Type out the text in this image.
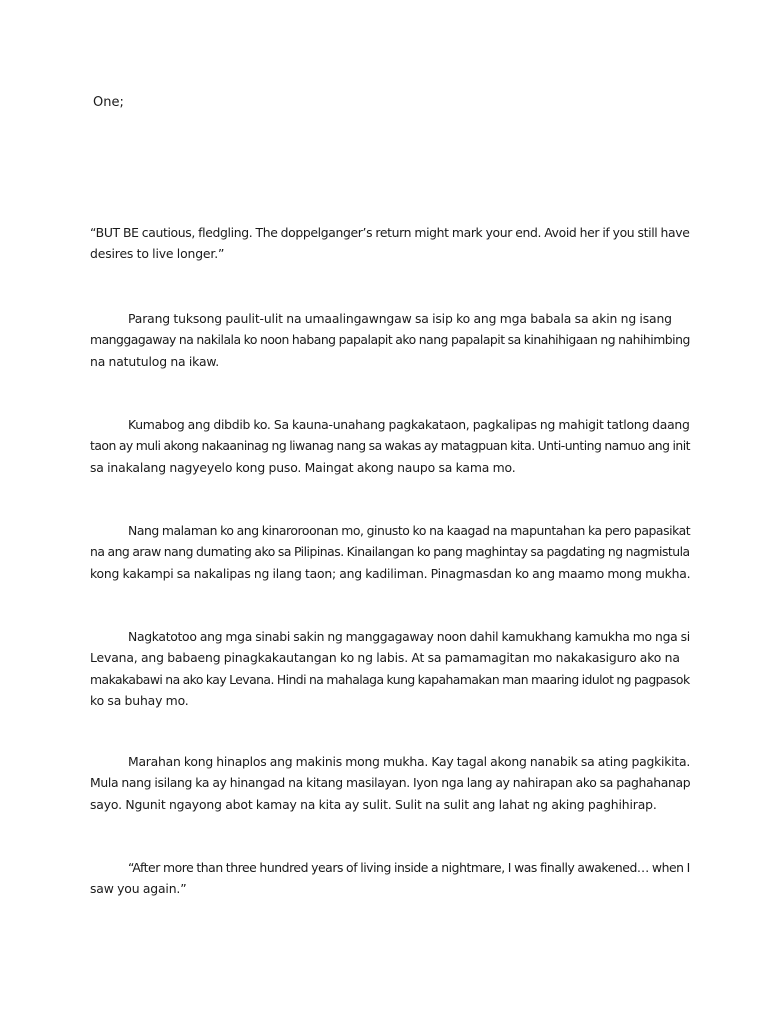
One;

“BUT BE cautious, fledgling. The doppelganger’s return might mark your end. Avoid her if you still have
desires to live longer.”

Parang tuksong paulit-ulit na umaalingawngaw sa isip ko ang mga babala sa akin ng isang
manggagaway na nakilala ko noon habang papalapit ako nang papalapit sa kinahihigaan ng nahihimbing
na natutulog na ikaw.

Kumabog ang dibdib ko. Sa kauna-unahang pagkakataon, pagkalipas ng mahigit tatlong daang
taon ay muli akong nakaaninag ng liwanag nang sa wakas ay matagpuan kita. Unti-unting namuo ang init
sa inakalang nagyeyelo kong puso. Maingat akong naupo sa kama mo.

Nang malaman ko ang kinaroroonan mo, ginusto ko na kaagad na mapuntahan ka pero papasikat
na ang araw nang dumating ako sa Pilipinas. Kinailangan ko pang maghintay sa pagdating ng nagmistula
kong kakampi sa nakalipas ng ilang taon; ang kadiliman. Pinagmasdan ko ang maamo mong mukha.

Nagkatotoo ang mga sinabi sakin ng manggagaway noon dahil kamukhang kamukha mo nga si
Levana, ang babaeng pinagkakautangan ko ng labis. At sa pamamagitan mo nakakasiguro ako na
makakabawi na ako kay Levana. Hindi na mahalaga kung kapahamakan man maaring idulot ng pagpasok
ko sa buhay mo.

Marahan kong hinaplos ang makinis mong mukha. Kay tagal akong nanabik sa ating pagkikita.
Mula nang isilang ka ay hinangad na kitang masilayan. Iyon nga lang ay nahirapan ako sa paghahanap
sayo. Ngunit ngayong abot kamay na kita ay sulit. Sulit na sulit ang lahat ng aking paghihirap.

“After more than three hundred years of living inside a nightmare, I was finally awakened… when I
saw you again.”
